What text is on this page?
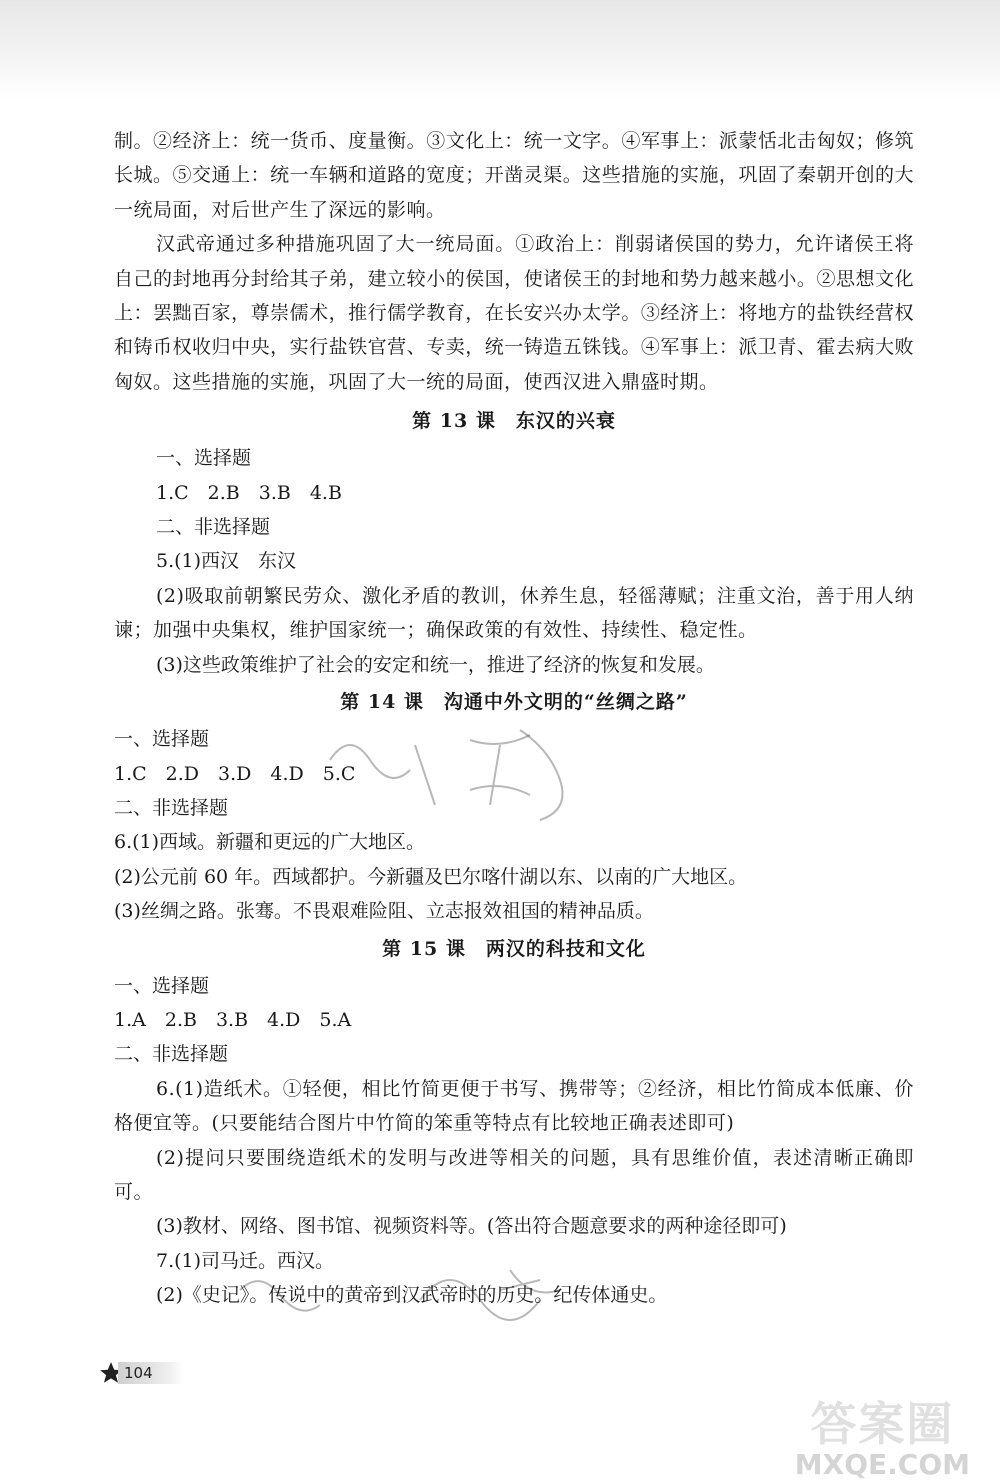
制。②经济上：统一货币、度量衡。③文化上：统一文字。④军事上：派蒙恬北击匈奴；修筑长城。⑤交通上：统一车辆和道路的宽度；开凿灵渠。这些措施的实施，巩固了秦朝开创的大一统局面，对后世产生了深远的影响。

汉武帝通过多种措施巩固了大一统局面。①政治上：削弱诸侯国的势力，允许诸侯王将自己的封地再分封给其子弟，建立较小的侯国，使诸侯王的封地和势力越来越小。②思想文化上：罢黜百家，尊崇儒术，推行儒学教育，在长安兴办太学。③经济上：将地方的盐铁经营权和铸币权收归中央，实行盐铁官营、专卖，统一铸造五铢钱。④军事上：派卫青、霍去病大败匈奴。这些措施的实施，巩固了大一统的局面，使西汉进入鼎盛时期。

第 13 课　东汉的兴衰

一、选择题

1.C　2.B　3.B　4.B

二、非选择题

5.(1)西汉　东汉

(2)吸取前朝繁民劳众、激化矛盾的教训，休养生息，轻徭薄赋；注重文治，善于用人纳谏；加强中央集权，维护国家统一；确保政策的有效性、持续性、稳定性。

(3)这些政策维护了社会的安定和统一，推进了经济的恢复和发展。

第 14 课　沟通中外文明的“丝绸之路”

一、选择题

1.C　2.D　3.D　4.D　5.C

二、非选择题

6.(1)西域。新疆和更远的广大地区。

(2)公元前 60 年。西域都护。今新疆及巴尔喀什湖以东、以南的广大地区。

(3)丝绸之路。张骞。不畏艰难险阻、立志报效祖国的精神品质。

第 15 课　两汉的科技和文化

一、选择题

1.A　2.B　3.B　4.D　5.A

二、非选择题

6.(1)造纸术。①轻便，相比竹简更便于书写、携带等；②经济，相比竹简成本低廉、价格便宜等。(只要能结合图片中竹简的笨重等特点有比较地正确表述即可)

(2)提问只要围绕造纸术的发明与改进等相关的问题，具有思维价值，表述清晰正确即可。

(3)教材、网络、图书馆、视频资料等。(答出符合题意要求的两种途径即可)

7.(1)司马迁。西汉。

(2)《史记》。传说中的黄帝到汉武帝时的历史。纪传体通史。

104
答案圈
MXQE.COM
